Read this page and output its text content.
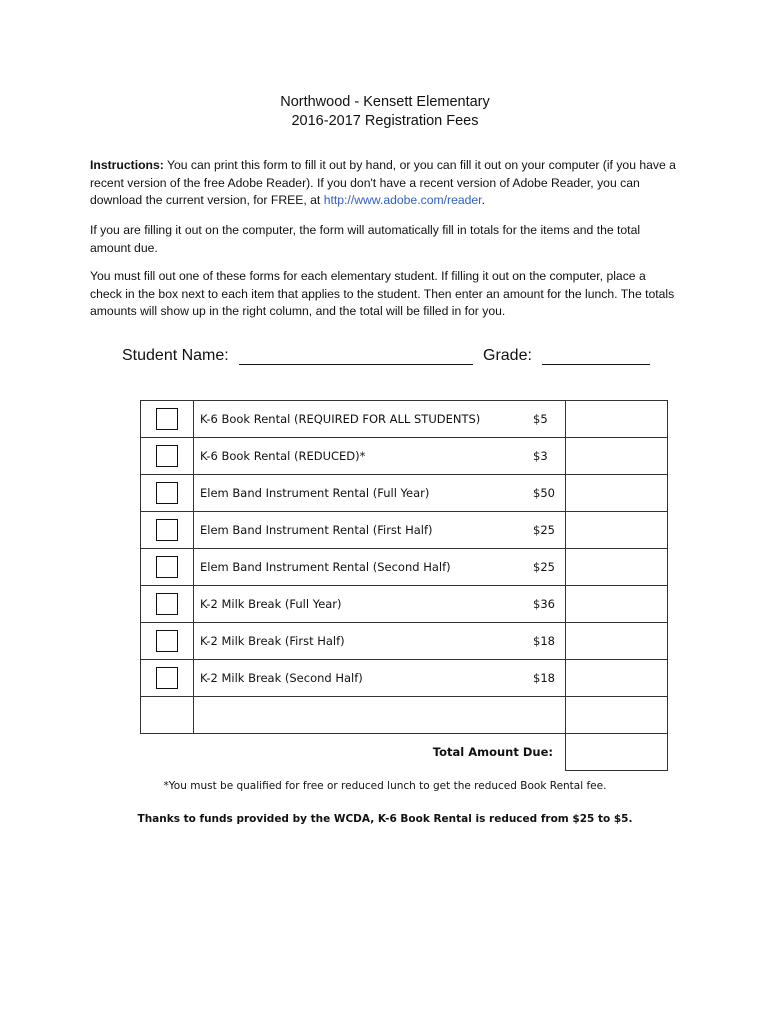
Northwood - Kensett Elementary
2016-2017 Registration Fees
Instructions: You can print this form to fill it out by hand, or you can fill it out on your computer (if you have a recent version of the free Adobe Reader). If you don't have a recent version of Adobe Reader, you can download the current version, for FREE, at http://www.adobe.com/reader.
If you are filling it out on the computer, the form will automatically fill in totals for the items and the total amount due.
You must fill out one of these forms for each elementary student. If filling it out on the computer, place a check in the box next to each item that applies to the student. Then enter an amount for the lunch. The totals amounts will show up in the right column, and the total will be filled in for you.
Student Name:	Grade:
	K-6 Book Rental (REQUIRED FOR ALL STUDENTS)	$5	
	K-6 Book Rental (REDUCED)*	$3	
	Elem Band Instrument Rental (Full Year)	$50	
	Elem Band Instrument Rental (First Half)	$25	
	Elem Band Instrument Rental (Second Half)	$25	
	K-2 Milk Break (Full Year)	$36	
	K-2 Milk Break (First Half)	$18	
	K-2 Milk Break (Second Half)	$18	

	Total Amount Due:		
*You must be qualified for free or reduced lunch to get the reduced Book Rental fee.
Thanks to funds provided by the WCDA, K-6 Book Rental is reduced from $25 to $5.
